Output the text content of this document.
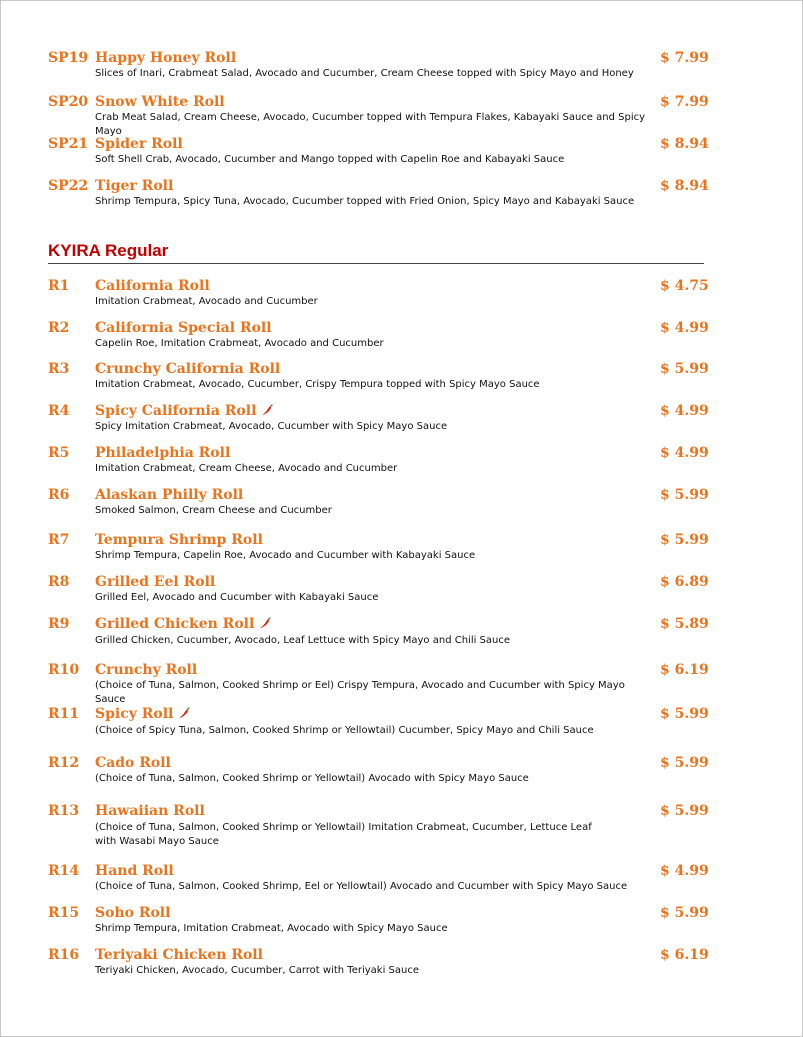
SP19 Happy Honey Roll	$ 7.99
Slices of Inari, Crabmeat Salad, Avocado and Cucumber, Cream Cheese topped with Spicy Mayo and Honey
SP20 Snow White Roll	$ 7.99
Crab Meat Salad, Cream Cheese, Avocado, Cucumber topped with Tempura Flakes, Kabayaki Sauce and Spicy Mayo
SP21 Spider Roll	$ 8.94
Soft Shell Crab, Avocado, Cucumber and Mango topped with Capelin Roe and Kabayaki Sauce
SP22 Tiger Roll	$ 8.94
Shrimp Tempura, Spicy Tuna, Avocado, Cucumber topped with Fried Onion, Spicy Mayo and Kabayaki Sauce
KYIRA Regular
R1 California Roll	$ 4.75
Imitation Crabmeat, Avocado and Cucumber
R2 California Special Roll	$ 4.99
Capelin Roe, Imitation Crabmeat, Avocado and Cucumber
R3 Crunchy California Roll	$ 5.99
Imitation Crabmeat, Avocado, Cucumber, Crispy Tempura topped with Spicy Mayo Sauce
R4 Spicy California Roll	$ 4.99
Spicy Imitation Crabmeat, Avocado, Cucumber with Spicy Mayo Sauce
R5 Philadelphia Roll	$ 4.99
Imitation Crabmeat, Cream Cheese, Avocado and Cucumber
R6 Alaskan Philly Roll	$ 5.99
Smoked Salmon, Cream Cheese and Cucumber
R7 Tempura Shrimp Roll	$ 5.99
Shrimp Tempura, Capelin Roe, Avocado and Cucumber with Kabayaki Sauce
R8 Grilled Eel Roll	$ 6.89
Grilled Eel, Avocado and Cucumber with Kabayaki Sauce
R9 Grilled Chicken Roll	$ 5.89
Grilled Chicken, Cucumber, Avocado, Leaf Lettuce with Spicy Mayo and Chili Sauce
R10 Crunchy Roll	$ 6.19
(Choice of Tuna, Salmon, Cooked Shrimp or Eel) Crispy Tempura, Avocado and Cucumber with Spicy Mayo Sauce
R11 Spicy Roll	$ 5.99
(Choice of Spicy Tuna, Salmon, Cooked Shrimp or Yellowtail) Cucumber, Spicy Mayo and Chili Sauce
R12 Cado Roll	$ 5.99
(Choice of Tuna, Salmon, Cooked Shrimp or Yellowtail) Avocado with Spicy Mayo Sauce
R13 Hawaiian Roll	$ 5.99
(Choice of Tuna, Salmon, Cooked Shrimp or Yellowtail) Imitation Crabmeat, Cucumber, Lettuce Leaf with Wasabi Mayo Sauce
R14 Hand Roll	$ 4.99
(Choice of Tuna, Salmon, Cooked Shrimp, Eel or Yellowtail) Avocado and Cucumber with Spicy Mayo Sauce
R15 Soho Roll	$ 5.99
Shrimp Tempura, Imitation Crabmeat, Avocado with Spicy Mayo Sauce
R16 Teriyaki Chicken Roll	$ 6.19
Teriyaki Chicken, Avocado, Cucumber, Carrot with Teriyaki Sauce
